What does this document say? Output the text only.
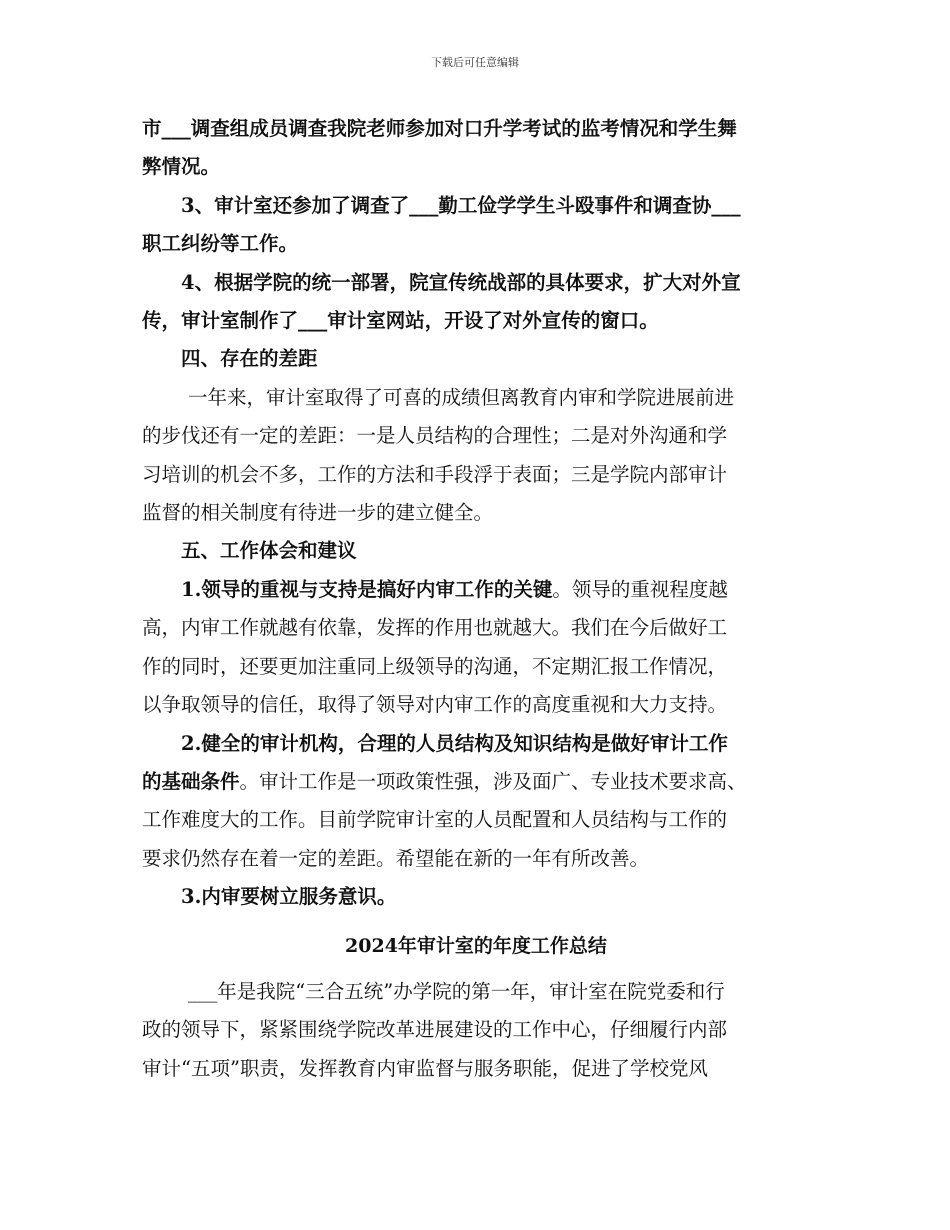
下载后可任意编辑
市___调查组成员调查我院老师参加对口升学考试的监考情况和学生舞
弊情况。
3、审计室还参加了调查了___勤工俭学学生斗殴事件和调查协___
职工纠纷等工作。
4、根据学院的统一部署，院宣传统战部的具体要求，扩大对外宣
传，审计室制作了___审计室网站，开设了对外宣传的窗口。
四、存在的差距
一年来，审计室取得了可喜的成绩但离教育内审和学院进展前进
的步伐还有一定的差距：一是人员结构的合理性；二是对外沟通和学
习培训的机会不多，工作的方法和手段浮于表面；三是学院内部审计
监督的相关制度有待进一步的建立健全。
五、工作体会和建议
1.领导的重视与支持是搞好内审工作的关键。领导的重视程度越
高，内审工作就越有依靠，发挥的作用也就越大。我们在今后做好工
作的同时，还要更加注重同上级领导的沟通，不定期汇报工作情况，
以争取领导的信任，取得了领导对内审工作的高度重视和大力支持。
2.健全的审计机构，合理的人员结构及知识结构是做好审计工作
的基础条件。审计工作是一项政策性强，涉及面广、专业技术要求高、
工作难度大的工作。目前学院审计室的人员配置和人员结构与工作的
要求仍然存在着一定的差距。希望能在新的一年有所改善。
3.内审要树立服务意识。
2024年审计室的年度工作总结
___年是我院“三合五统”办学院的第一年，审计室在院党委和行
政的领导下，紧紧围绕学院改革进展建设的工作中心，仔细履行内部
审计“五项”职责，发挥教育内审监督与服务职能，促进了学校党风
